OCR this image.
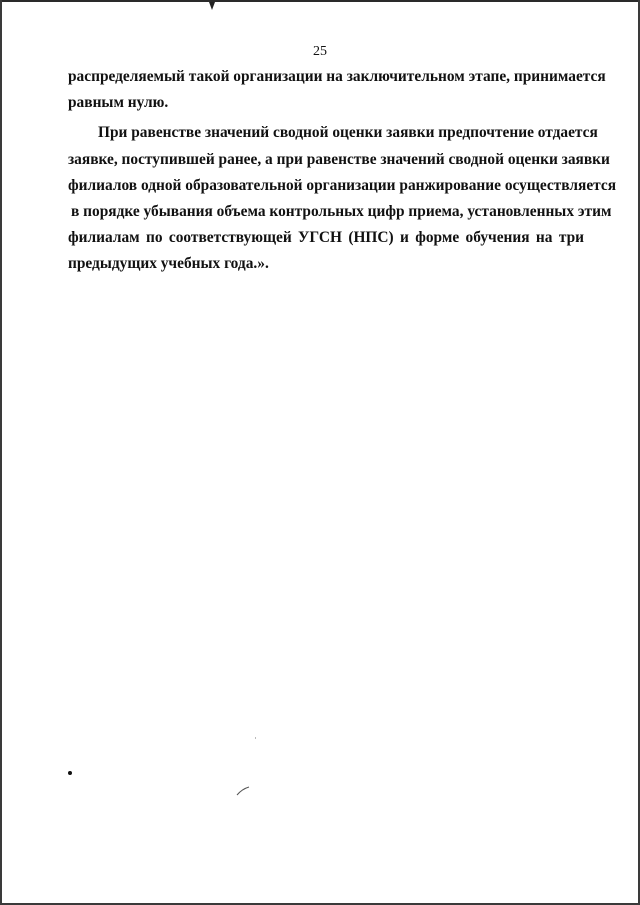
25

распределяемый такой организации на заключительном этапе, принимается
равным нулю.

При равенстве значений сводной оценки заявки предпочтение отдается
заявке, поступившей ранее, а при равенстве значений сводной оценки заявки
филиалов одной образовательной организации ранжирование осуществляется
в порядке убывания объема контрольных цифр приема, установленных этим
филиалам по соответствующей УГСН (НПС) и форме обучения на три
предыдущих учебных года.».
